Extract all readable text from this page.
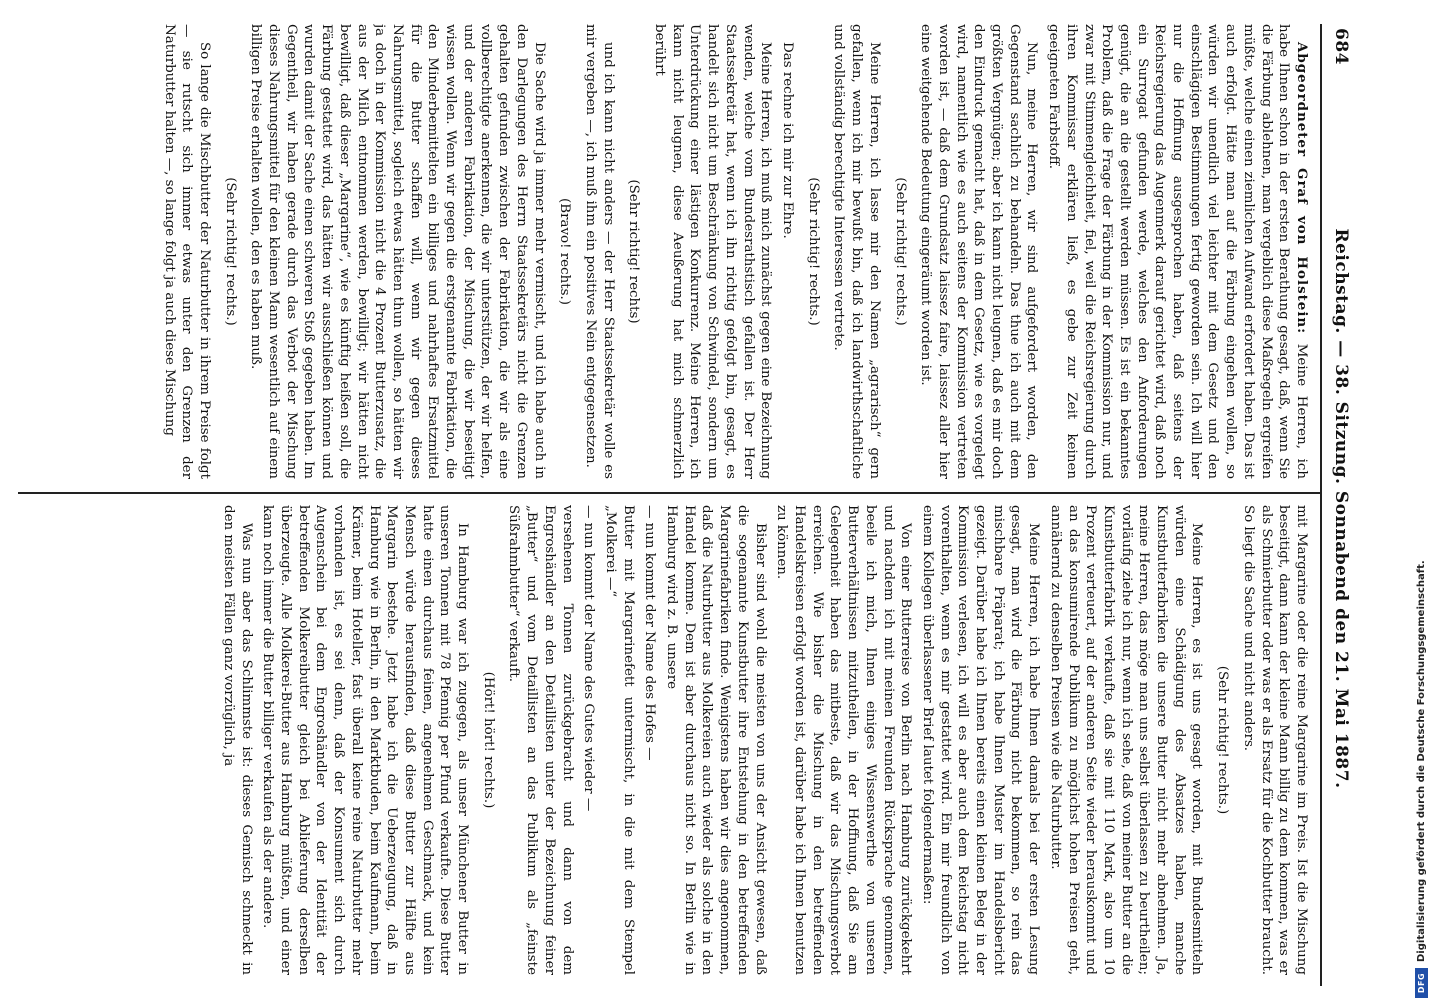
684
Reichstag. — 38. Sitzung. Sonnabend den 21. Mai 1887.

Abgeordneter Graf von Holstein: Meine Herren, ich habe Ihnen schon in der ersten Berathung gesagt, daß, wenn Sie die Färbung ablehnen, man vergeblich diese Maßregeln ergreifen müßte, welche einen ziemlichen Aufwand erfordert haben. Das ist auch erfolgt. Hätte man auf die Färbung eingehen wollen, so würden wir unendlich viel leichter mit dem Gesetz und den einschlägigen Bestimmungen fertig geworden sein. Ich will hier nur die Hoffnung ausgesprochen haben, daß seitens der Reichsregierung das Augenmerk darauf gerichtet wird, daß noch ein Surrogat gefunden werde, welches den Anforderungen genügt, die an die gestellt werden müssen. Es ist ein bekanntes Problem, daß die Frage der Färbung in der Kommission nur, und zwar mit Stimmengleichheit, fiel, weil die Reichsregierung durch ihren Kommissar erklären ließ, es gebe zur Zeit keinen geeigneten Farbstoff.

Nun, meine Herren, wir sind aufgefordert worden, den Gegenstand sachlich zu behandeln. Das thue ich auch mit dem größten Vergnügen; aber ich kann nicht leugnen, daß es mir doch den Eindruck gemacht hat, daß in dem Gesetz, wie es vorgelegt wird, namentlich wie es auch seitens der Kommission vertreten worden ist, — daß dem Grundsatz laissez faire, laissez aller hier eine weitgehende Bedeutung eingeräumt worden ist.

(Sehr richtig! rechts.)

Meine Herren, ich lasse mir den Namen „agrarisch“ gern gefallen, wenn ich mir bewußt bin, daß ich landwirthschaftliche und vollständig berechtigte Interessen vertrete.

(Sehr richtig! rechts.)

Das rechne ich mir zur Ehre.

Meine Herren, ich muß mich zunächst gegen eine Bezeichnung wenden, welche vom Bundesrathstisch gefallen ist. Der Herr Staatssekretär hat, wenn ich ihn richtig gefolgt bin, gesagt, es handelt sich nicht um Beschränkung von Schwindel, sondern um Unterdrückung einer lästigen Konkurrenz. Meine Herren, ich kann nicht leugnen, diese Aeußerung hat mich schmerzlich berührt

(Sehr richtig! rechts)

und ich kann nicht anders — der Herr Staatssekretär wolle es mir vergeben —, ich muß ihm ein positives Nein entgegensetzen.

(Bravo! rechts.)

Die Sache wird ja immer mehr vermischt, und ich habe auch in den Darlegungen des Herrn Staatssekretärs nicht die Grenzen gehalten gefunden zwischen der Fabrikation, die wir als eine vollberechtigte anerkennen, die wir unterstützen, der wir helfen, und der anderen Fabrikation, der Mischung, die wir beseitigt wissen wollen. Wenn wir gegen die erstgenannte Fabrikation, die den Minderbemittelten ein billiges und nahrhaftes Ersatzmittel für die Butter schaffen will, wenn wir gegen dieses Nahrungsmittel, sogleich etwas hätten thun wollen, so hätten wir ja doch in der Kommission nicht die 4 Prozent Butterzusatz, die aus der Milch entnommen werden, bewilligt; wir hätten nicht bewilligt, daß dieser „Margarine“, wie es künftig heißen soll, die Färbung gestattet wird, das hätten wir ausschließen können und wurden damit der Sache einen schweren Stoß gegeben haben. Im Gegentheil, wir haben gerade durch das Verbot der Mischung dieses Nahrungsmittel für den kleinen Mann wesentlich auf einem billigen Preise erhalten wollen, den es haben muß.

(Sehr richtig! rechts.)

So lange die Mischbutter der Naturbutter in ihrem Preise folgt — sie rutscht sich immer etwas unter den Grenzen der Naturbutter halten —, so lange folgt ja auch diese Mischung

mit Margarine oder die reine Margarine im Preis. Ist die Mischung beseitigt, dann kann der kleine Mann billig zu dem kommen, was er als Schmierbutter oder was er als Ersatz für die Kochbutter braucht. So liegt die Sache und nicht anders.

(Sehr richtig! rechts.)

Meine Herren, es ist uns gesagt worden, mit Bundesmitteln würden eine Schädigung des Absatzes haben, manche Kunstbutterfabriken die unsere Butter nicht mehr abnehmen. Ja, meine Herren, das möge man uns selbst überlassen zu beurtheilen; vorläufig ziehe ich nur, wenn ich sehe, daß von meiner Butter an die Kunstbutterfabrik verkaufte, daß sie mit 110 Mark, also um 10 Prozent verteuert, auf der anderen Seite wieder herauskommt und an das konsumirende Publikum zu möglichst hohen Preisen geht, annähernd zu denselben Preisen wie die Naturbutter.

Meine Herren, ich habe Ihnen damals bei der ersten Lesung gesagt, man wird die Färbung nicht bekommen, so rein das mischbare Präparat; ich habe Ihnen Muster im Handelsbericht gezeigt. Darüber habe ich Ihnen bereits einen kleinen Beleg in der Kommission verlesen, ich will es aber auch dem Reichstag nicht vorenthalten, wenn es mir gestattet wird. Ein mir freundlich von einem Kollegen überlassener Brief lautet folgendermaßen:

Von einer Butterreise von Berlin nach Hamburg zurückgekehrt und nachdem ich mit meinen Freunden Rücksprache genommen, beeile ich mich, Ihnen einiges Wissenswerthe von unseren Butterverhältnissen mitzutheilen, in der Hoffnung, daß Sie am Gelegenheit haben das mitbeste, daß wir das Mischungsverbot erreichen. Wie bisher die Mischung in den betreffenden Handelskreisen erfolgt worden ist, darüber habe ich Ihnen benutzen zu können.

Bisher sind wohl die meisten von uns der Ansicht gewesen, daß die sogenannte Kunstbutter ihre Entstehung in den betreffenden Margarinefabriken finde. Wenigstens haben wir dies angenommen, daß die Naturbutter aus Molkereien auch wieder als solche in den Handel komme. Dem ist aber durchaus nicht so. In Berlin wie in Hamburg wird z. B. unsere

— nun kommt der Name des Hofes —

Butter mit Margarinefett untermischt, in die mit dem Stempel „Molkerei —“

— nun kommt der Name des Gutes wieder —

versehenen Tonnen zurückgebracht und dann von dem Engroshändler an den Detaillisten unter der Bezeichnung feiner „Butter“ und vom Detaillisten an das Publikum als „feinste Süßrahmbutter“ verkauft.

(Hört! hört! rechts.)

In Hamburg war ich zugegen, als unser Münchener Butter in unseren Tonnen mit 78 Pfennig per Pfund verkaufte. Diese Butter hatte einen durchaus feinen, angenehmen Geschmack, und kein Mensch würde herausfinden, daß diese Butter zur Hälfte aus Margarin bestehe. Jetzt habe ich die Ueberzeugung, daß in Hamburg wie in Berlin, in den Marktbuden, beim Kaufmann, beim Krämer, beim Hoteller, fast überall keine reine Naturbutter mehr vorhanden ist, es sei denn, daß der Konsument sich durch Augenschein bei dem Engroshändler von der Identität der betreffenden Molkereibutter gleich bei Ablieferung derselben überzeugte. Alle Molkerei-Butter aus Hamburg müßten, und einer kann noch immer die Butter billiger verkaufen als der andere.

Was nun aber das Schlimmste ist: dieses Gemisch schmeckt in den meisten Fällen ganz vorzüglich, ja

DFG
Digitalisierung gefördert durch die Deutsche Forschungsgemeinschaft.
